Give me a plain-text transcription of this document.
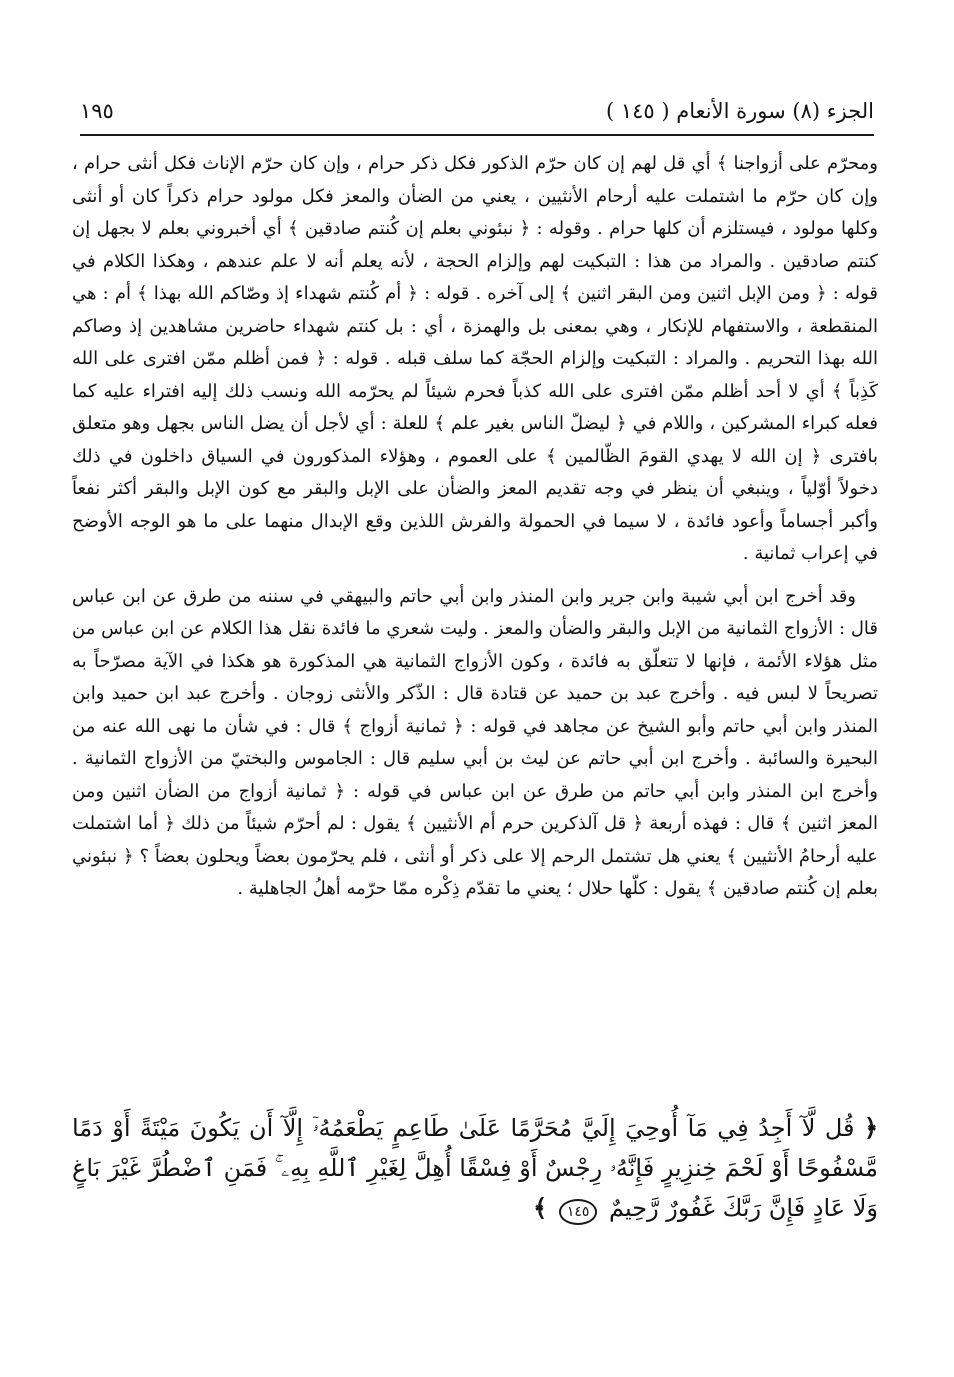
الجزء (٨) سورة الأنعام ( ١٤٥ )
١٩٥

ومحرّم على أزواجنا ﴾ أي قل لهم إن كان حرّم الذكور فكل ذكر حرام ، وإن كان حرّم الإناث فكل أنثى حرام ، وإن كان حرّم ما اشتملت عليه أرحام الأنثيين ، يعني من الضأن والمعز فكل مولود حرام ذكراً كان أو أنثى وكلها مولود ، فيستلزم أن كلها حرام . وقوله : ﴿ نبئوني بعلم إن كُنتم صادقين ﴾ أي أخبروني بعلم لا بجهل إن كنتم صادقين . والمراد من هذا : التبكيت لهم وإلزام الحجة ، لأنه يعلم أنه لا علم عندهم ، وهكذا الكلام في قوله : ﴿ ومن الإبل اثنين ومن البقر اثنين ﴾ إلى آخره . قوله : ﴿ أم كُنتم شهداء إذ وصّاكم الله بهذا ﴾ أم : هي المنقطعة ، والاستفهام للإنكار ، وهي بمعنى بل والهمزة ، أي : بل كنتم شهداء حاضرين مشاهدين إذ وصاكم الله بهذا التحريم . والمراد : التبكيت وإلزام الحجّة كما سلف قبله . قوله : ﴿ فمن أظلم ممّن افترى على الله كَذِباً ﴾ أي لا أحد أظلم ممّن افترى على الله كذباً فحرم شيئاً لم يحرّمه الله ونسب ذلك إليه افتراء عليه كما فعله كبراء المشركين ، واللام في ﴿ ليضلّ الناس بغير علم ﴾ للعلة : أي لأجل أن يضل الناس بجهل وهو متعلق بافترى ﴿ إن الله لا يهدي القومَ الظّالمين ﴾ على العموم ، وهؤلاء المذكورون في السياق داخلون في ذلك دخولاً أوّلياً ، وينبغي أن ينظر في وجه تقديم المعز والضأن على الإبل والبقر مع كون الإبل والبقر أكثر نفعاً وأكبر أجساماً وأعود فائدة ، لا سيما في الحمولة والفرش اللذين وقع الإبدال منهما على ما هو الوجه الأوضح في إعراب ثمانية .

وقد أخرج ابن أبي شيبة وابن جرير وابن المنذر وابن أبي حاتم والبيهقي في سننه من طرق عن ابن عباس قال : الأزواج الثمانية من الإبل والبقر والضأن والمعز . وليت شعري ما فائدة نقل هذا الكلام عن ابن عباس من مثل هؤلاء الأئمة ، فإنها لا تتعلّق به فائدة ، وكون الأزواج الثمانية هي المذكورة هو هكذا في الآية مصرّحاً به تصريحاً لا لبس فيه . وأخرج عبد بن حميد عن قتادة قال : الذّكر والأنثى زوجان . وأخرج عبد ابن حميد وابن المنذر وابن أبي حاتم وأبو الشيخ عن مجاهد في قوله : ﴿ ثمانية أزواج ﴾ قال : في شأن ما نهى الله عنه من البحيرة والسائبة . وأخرج ابن أبي حاتم عن ليث بن أبي سليم قال : الجاموس والبختيّ من الأزواج الثمانية . وأخرج ابن المنذر وابن أبي حاتم من طرق عن ابن عباس في قوله : ﴿ ثمانية أزواج من الضأن اثنين ومن المعز اثنين ﴾ قال : فهذه أربعة ﴿ قل آلذكرين حرم أم الأنثيين ﴾ يقول : لم أحرّم شيئاً من ذلك ﴿ أما اشتملت عليه أرحامُ الأنثيين ﴾ يعني هل تشتمل الرحم إلا على ذكر أو أنثى ، فلم يحرّمون بعضاً ويحلون بعضاً ؟ ﴿ نبئوني بعلم إن كُنتم صادقين ﴾ يقول : كلّها حلال ؛ يعني ما تقدّم ذِكْره ممّا حرّمه أهلُ الجاهلية .

﴿ قُل لَّآ أَجِدُ فِي مَآ أُوحِيَ إِلَيَّ مُحَرَّمًا عَلَىٰ طَاعِمٍ يَطْعَمُهُۥٓ إِلَّآ أَن يَكُونَ مَيْتَةً أَوْ دَمًا مَّسْفُوحًا أَوْ لَحْمَ خِنزِيرٍ فَإِنَّهُۥ رِجْسٌ أَوْ فِسْقًا أُهِلَّ لِغَيْرِ ٱللَّهِ بِهِۦ ۚ فَمَنِ ٱضْطُرَّ غَيْرَ بَاغٍ وَلَا عَادٍ فَإِنَّ رَبَّكَ غَفُورٌ رَّحِيمٌ ١٤٥ ﴾
